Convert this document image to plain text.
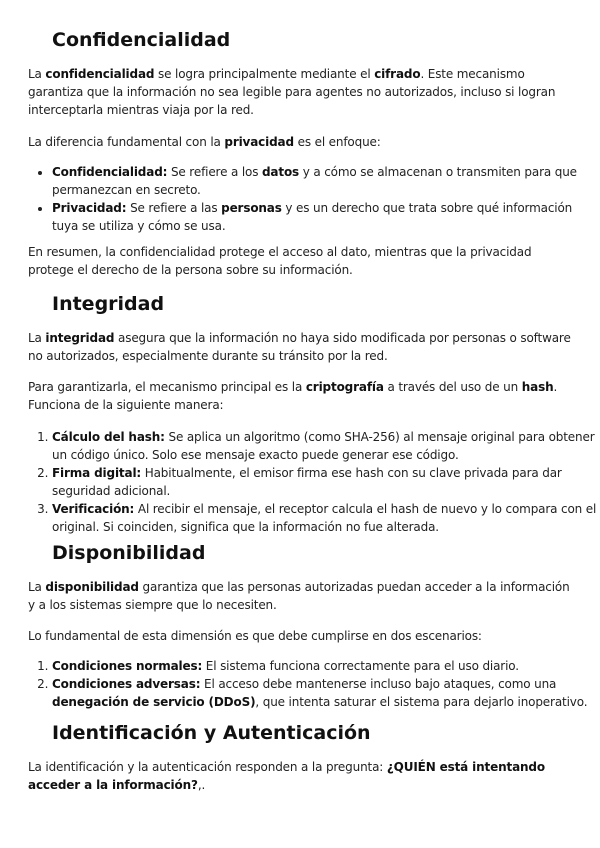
Confidencialidad

La confidencialidad se logra principalmente mediante el cifrado. Este mecanismo garantiza que la información no sea legible para agentes no autorizados, incluso si logran interceptarla mientras viaja por la red.

La diferencia fundamental con la privacidad es el enfoque:

• Confidencialidad: Se refiere a los datos y a cómo se almacenan o transmiten para que permanezcan en secreto.
• Privacidad: Se refiere a las personas y es un derecho que trata sobre qué información tuya se utiliza y cómo se usa.

En resumen, la confidencialidad protege el acceso al dato, mientras que la privacidad protege el derecho de la persona sobre su información.

Integridad

La integridad asegura que la información no haya sido modificada por personas o software no autorizados, especialmente durante su tránsito por la red.

Para garantizarla, el mecanismo principal es la criptografía a través del uso de un hash. Funciona de la siguiente manera:

1. Cálculo del hash: Se aplica un algoritmo (como SHA-256) al mensaje original para obtener un código único. Solo ese mensaje exacto puede generar ese código.
2. Firma digital: Habitualmente, el emisor firma ese hash con su clave privada para dar seguridad adicional.
3. Verificación: Al recibir el mensaje, el receptor calcula el hash de nuevo y lo compara con el original. Si coinciden, significa que la información no fue alterada.
Disponibilidad

La disponibilidad garantiza que las personas autorizadas puedan acceder a la información y a los sistemas siempre que lo necesiten.

Lo fundamental de esta dimensión es que debe cumplirse en dos escenarios:

1. Condiciones normales: El sistema funciona correctamente para el uso diario.
2. Condiciones adversas: El acceso debe mantenerse incluso bajo ataques, como una denegación de servicio (DDoS), que intenta saturar el sistema para dejarlo inoperativo.
Identificación y Autenticación

La identificación y la autenticación responden a la pregunta: ¿QUIÉN está intentando acceder a la información?,.
